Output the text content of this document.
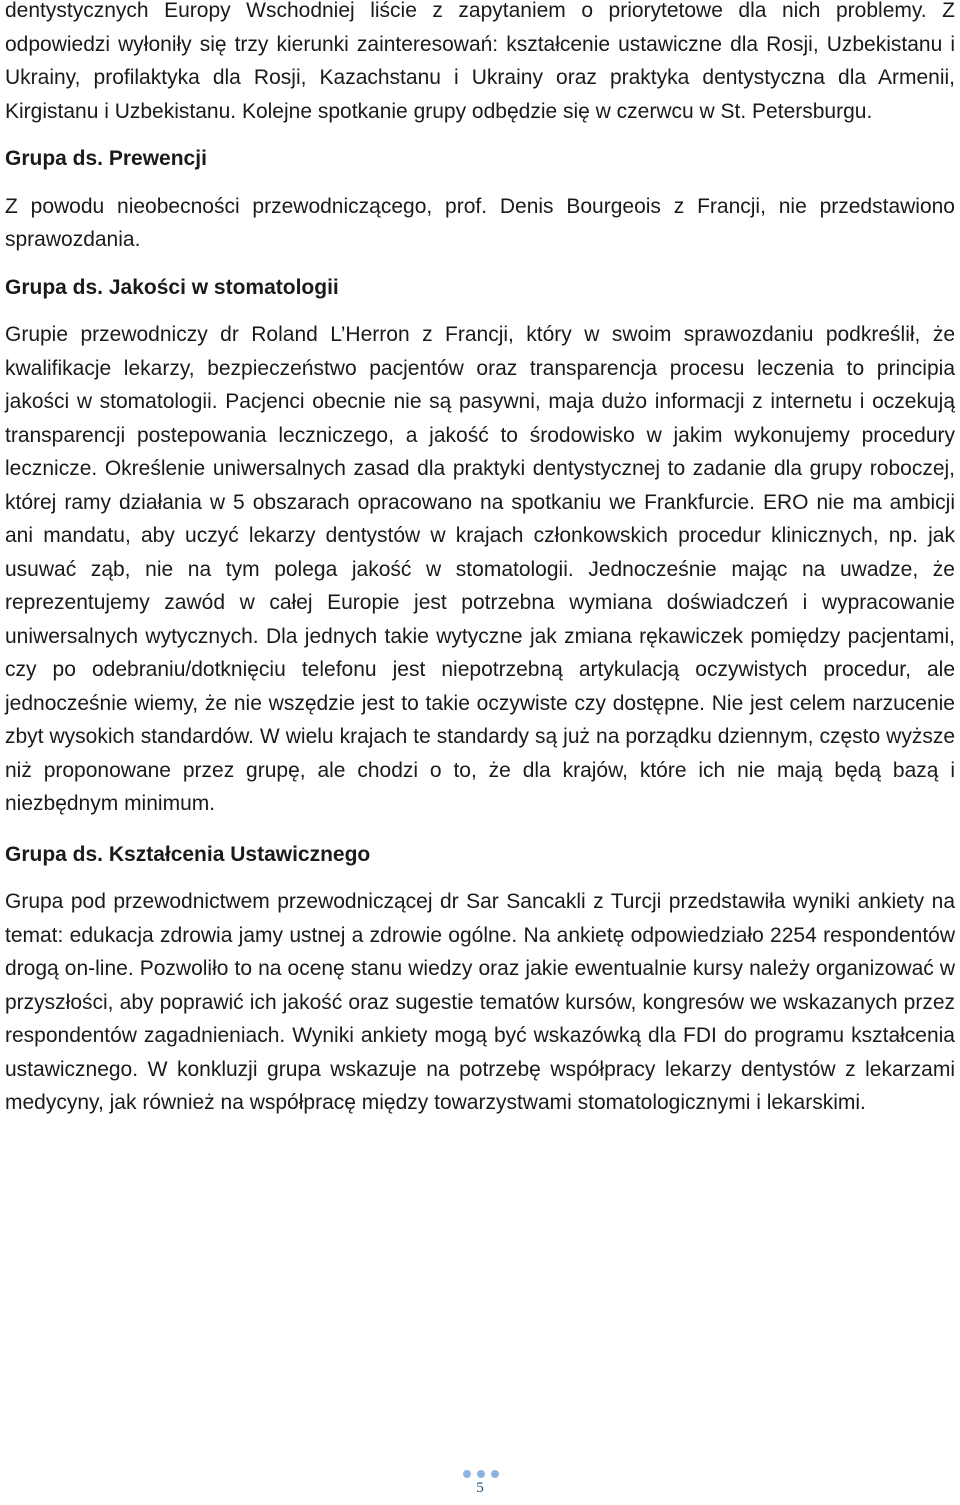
dentystycznych Europy Wschodniej liście z zapytaniem o priorytetowe dla nich problemy. Z odpowiedzi wyłoniły się trzy kierunki zainteresowań: kształcenie ustawiczne dla Rosji, Uzbekistanu i Ukrainy, profilaktyka dla Rosji, Kazachstanu i Ukrainy oraz praktyka dentystyczna dla Armenii, Kirgistanu i Uzbekistanu. Kolejne spotkanie grupy odbędzie się w czerwcu w St. Petersburgu.

Grupa ds. Prewencji

Z powodu nieobecności przewodniczącego, prof. Denis Bourgeois z Francji, nie przedstawiono sprawozdania.

Grupa ds. Jakości w stomatologii

Grupie przewodniczy dr Roland L’Herron z Francji, który w swoim sprawozdaniu podkreślił, że kwalifikacje lekarzy, bezpieczeństwo pacjentów oraz transparencja procesu leczenia to principia jakości w stomatologii. Pacjenci obecnie nie są pasywni, maja dużo informacji z internetu i oczekują transparencji postepowania leczniczego, a jakość to środowisko w jakim wykonujemy procedury lecznicze. Określenie uniwersalnych zasad dla praktyki dentystycznej to zadanie dla grupy roboczej, której ramy działania w 5 obszarach opracowano na spotkaniu we Frankfurcie. ERO nie ma ambicji ani mandatu, aby uczyć lekarzy dentystów w krajach członkowskich procedur klinicznych, np. jak usuwać ząb, nie na tym polega jakość w stomatologii. Jednocześnie mając na uwadze, że reprezentujemy zawód w całej Europie jest potrzebna wymiana doświadczeń i wypracowanie uniwersalnych wytycznych. Dla jednych takie wytyczne jak zmiana rękawiczek pomiędzy pacjentami, czy po odebraniu/dotknięciu telefonu jest niepotrzebną artykulacją oczywistych procedur, ale jednocześnie wiemy, że nie wszędzie jest to takie oczywiste czy dostępne. Nie jest celem narzucenie zbyt wysokich standardów. W wielu krajach te standardy są już na porządku dziennym, często wyższe niż proponowane przez grupę, ale chodzi o to, że dla krajów, które ich nie mają będą bazą i niezbędnym minimum.

Grupa ds. Kształcenia Ustawicznego

Grupa pod przewodnictwem przewodniczącej dr Sar Sancakli z Turcji przedstawiła wyniki ankiety na temat: edukacja zdrowia jamy ustnej a zdrowie ogólne. Na ankietę odpowiedziało 2254 respondentów drogą on-line. Pozwoliło to na ocenę stanu wiedzy oraz jakie ewentualnie kursy należy organizować w przyszłości, aby poprawić ich jakość oraz sugestie tematów kursów, kongresów we wskazanych przez respondentów zagadnieniach. Wyniki ankiety mogą być wskazówką dla FDI do programu kształcenia ustawicznego. W konkluzji grupa wskazuje na potrzebę współpracy lekarzy dentystów z lekarzami medycyny, jak również na współpracę między towarzystwami stomatologicznymi i lekarskimi.

5
